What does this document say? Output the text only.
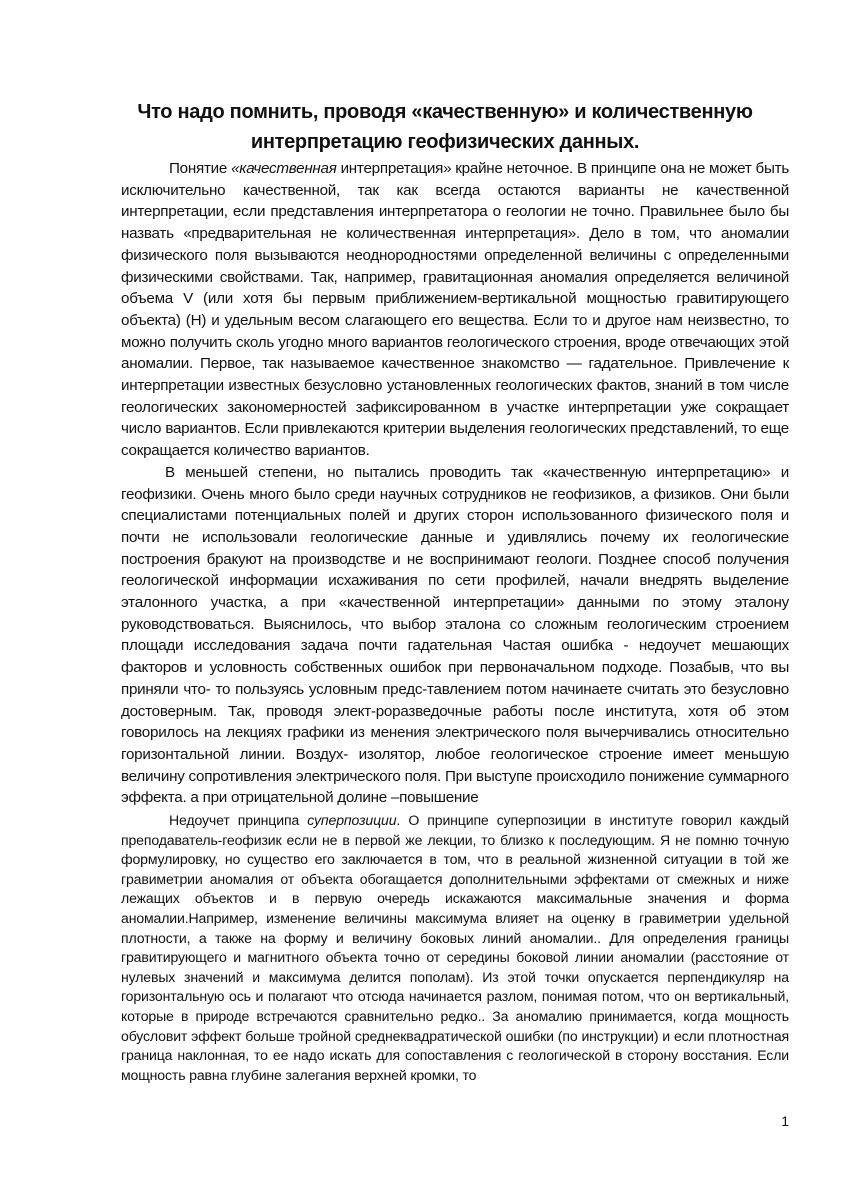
Что надо помнить, проводя «качественную» и количественную
интерпретацию геофизических данных.

Понятие «качественная интерпретация» крайне неточное. В принципе она не может быть исключительно качественной, так как всегда остаются варианты не качественной интерпретации, если представления интерпретатора о геологии не точно. Правильнее было бы назвать «предварительная не количественная интерпретация». Дело в том, что аномалии физического поля вызываются неоднородностями определенной величины с определенными физическими свойствами. Так, например, гравитационная аномалия определяется величиной объема V (или хотя бы первым приближением-вертикальной мощностью гравитирующего объекта) (H) и удельным весом слагающего его вещества. Если то и другое нам неизвестно, то можно получить сколь угодно много вариантов геологического строения, вроде отвечающих этой аномалии. Первое, так называемое качественное знакомство — гадательное. Привлечение к интерпретации известных безусловно установленных геологических фактов, знаний в том числе геологических закономерностей зафиксированном в участке интерпретации уже сокращает число вариантов. Если привлекаются критерии выделения геологических представлений, то еще сокращается количество вариантов.

В меньшей степени, но пытались проводить так «качественную интерпретацию» и геофизики. Очень много было среди научных сотрудников не геофизиков, а физиков. Они были специалистами потенциальных полей и других сторон использованного физического поля и почти не использовали геологические данные и удивлялись почему их геологические построения бракуют на производстве и не воспринимают геологи. Позднее способ получения геологической информации исхаживания по сети профилей, начали внедрять выделение эталонного участка, а при «качественной интерпретации» данными по этому эталону руководствоваться. Выяснилось, что выбор эталона со сложным геологическим строением площади исследования задача почти гадательная Частая ошибка - недоучет мешающих факторов и условность собственных ошибок при первоначальном подходе. Позабыв, что вы приняли что- то пользуясь условным предс-тавлением потом начинаете считать это безусловно достоверным. Так, проводя элект-роразведочные работы после института, хотя об этом говорилось на лекциях графики из менения электрического поля вычерчивались относительно горизонтальной линии. Воздух- изолятор, любое геологическое строение имеет меньшую величину сопротивления электрического поля. При выступе происходило понижение суммарного эффекта. а при отрицательной долине –повышение

Недоучет принципа суперпозиции. О принципе суперпозиции в институте говорил каждый преподаватель-геофизик если не в первой же лекции, то близко к последующим. Я не помню точную формулировку, но существо его заключается в том, что в реальной жизненной ситуации в той же гравиметрии аномалия от объекта обогащается дополнительными эффектами от смежных и ниже лежащих объектов и в первую очередь искажаются максимальные значения и форма аномалии.Например, изменение величины максимума влияет на оценку в гравиметрии удельной плотности, а также на форму и величину боковых линий аномалии.. Для определения границы гравитирующего и магнитного объекта точно от середины боковой линии аномалии (расстояние от нулевых значений и максимума делится пополам). Из этой точки опускается перпендикуляр на горизонтальную ось и полагают что отсюда начинается разлом, понимая потом, что он вертикальный, которые в природе встречаются сравнительно редко.. За аномалию принимается, когда мощность обусловит эффект больше тройной среднеквадратической ошибки (по инструкции) и если плотностная граница наклонная, то ее надо искать для сопоставления с геологической в сторону восстания. Если мощность равна глубине залегания верхней кромки, то

1
